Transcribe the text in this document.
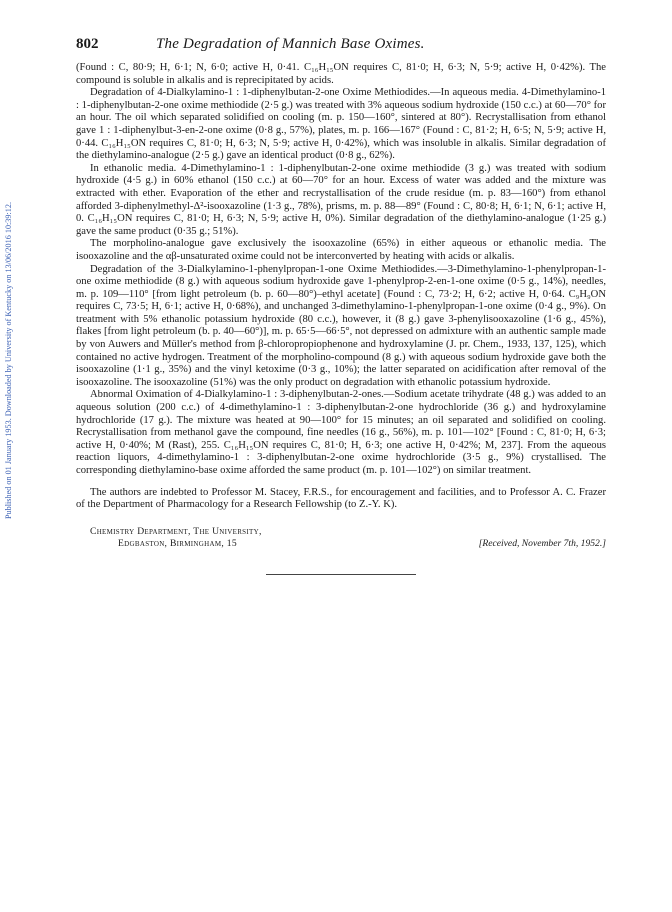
Published on 01 January 1953. Downloaded by University of Kentucky on 13/06/2016 10:39:12.
802	The Degradation of Mannich Base Oximes.

(Found : C, 80·9; H, 6·1; N, 6·0; active H, 0·41. C₁₆H₁₅ON requires C, 81·0; H, 6·3; N, 5·9; active H, 0·42%). The compound is soluble in alkalis and is reprecipitated by acids.

Degradation of 4-Dialkylamino-1 : 1-diphenylbutan-2-one Oxime Methiodides.—In aqueous media. 4-Dimethylamino-1 : 1-diphenylbutan-2-one oxime methiodide (2·5 g.) was treated with 3% aqueous sodium hydroxide (150 c.c.) at 60—70° for an hour. The oil which separated solidified on cooling (m. p. 150—160°, sintered at 80°). Recrystallisation from ethanol gave 1 : 1-diphenylbut-3-en-2-one oxime (0·8 g., 57%), plates, m. p. 166—167° (Found : C, 81·2; H, 6·5; N, 5·9; active H, 0·44. C₁₆H₁₅ON requires C, 81·0; H, 6·3; N, 5·9; active H, 0·42%), which was insoluble in alkalis. Similar degradation of the diethylamino-analogue (2·5 g.) gave an identical product (0·8 g., 62%).

In ethanolic media. 4-Dimethylamino-1 : 1-diphenylbutan-2-one oxime methiodide (3 g.) was treated with sodium hydroxide (4·5 g.) in 60% ethanol (150 c.c.) at 60—70° for an hour. Excess of water was added and the mixture was extracted with ether. Evaporation of the ether and recrystallisation of the crude residue (m. p. 83—160°) from ethanol afforded 3-diphenylmethyl-Δ²-isooxazoline (1·3 g., 78%), prisms, m. p. 88—89° (Found : C, 80·8; H, 6·1; N, 6·1; active H, 0. C₁₆H₁₅ON requires C, 81·0; H, 6·3; N, 5·9; active H, 0%). Similar degradation of the diethylamino-analogue (1·25 g.) gave the same product (0·35 g.; 51%).

The morpholino-analogue gave exclusively the isooxazoline (65%) in either aqueous or ethanolic media. The isooxazoline and the αβ-unsaturated oxime could not be interconverted by heating with acids or alkalis.

Degradation of the 3-Dialkylamino-1-phenylpropan-1-one Oxime Methiodides.—3-Dimethylamino-1-phenylpropan-1-one oxime methiodide (8 g.) with aqueous sodium hydroxide gave 1-phenylprop-2-en-1-one oxime (0·5 g., 14%), needles, m. p. 109—110° [from light petroleum (b. p. 60—80°)–ethyl acetate] (Found : C, 73·2; H, 6·2; active H, 0·64. C₉H₉ON requires C, 73·5; H, 6·1; active H, 0·68%), and unchanged 3-dimethylamino-1-phenylpropan-1-one oxime (0·4 g., 9%). On treatment with 5% ethanolic potassium hydroxide (80 c.c.), however, it (8 g.) gave 3-phenylisooxazoline (1·6 g., 45%), flakes [from light petroleum (b. p. 40—60°)], m. p. 65·5—66·5°, not depressed on admixture with an authentic sample made by von Auwers and Müller's method from β-chloropropiophenone and hydroxylamine (J. pr. Chem., 1933, 137, 125), which contained no active hydrogen. Treatment of the morpholino-compound (8 g.) with aqueous sodium hydroxide gave both the isooxazoline (1·1 g., 35%) and the vinyl ketoxime (0·3 g., 10%); the latter separated on acidification after removal of the isooxazoline. The isooxazoline (51%) was the only product on degradation with ethanolic potassium hydroxide.

Abnormal Oximation of 4-Dialkylamino-1 : 3-diphenylbutan-2-ones.—Sodium acetate trihydrate (48 g.) was added to an aqueous solution (200 c.c.) of 4-dimethylamino-1 : 3-diphenylbutan-2-one hydrochloride (36 g.) and hydroxylamine hydrochloride (17 g.). The mixture was heated at 90—100° for 15 minutes; an oil separated and solidified on cooling. Recrystallisation from methanol gave the compound, fine needles (16 g., 56%), m. p. 101—102° [Found : C, 81·0; H, 6·3; active H, 0·40%; M (Rast), 255. C₁₆H₁₅ON requires C, 81·0; H, 6·3; one active H, 0·42%; M, 237]. From the aqueous reaction liquors, 4-dimethylamino-1 : 3-diphenylbutan-2-one oxime hydrochloride (3·5 g., 9%) crystallised. The corresponding diethylamino-base oxime afforded the same product (m. p. 101—102°) on similar treatment.

The authors are indebted to Professor M. Stacey, F.R.S., for encouragement and facilities, and to Professor A. C. Frazer of the Department of Pharmacology for a Research Fellowship (to Z.-Y. K).

Chemistry Department, The University,
Edgbaston, Birmingham, 15	[Received, November 7th, 1952.]
